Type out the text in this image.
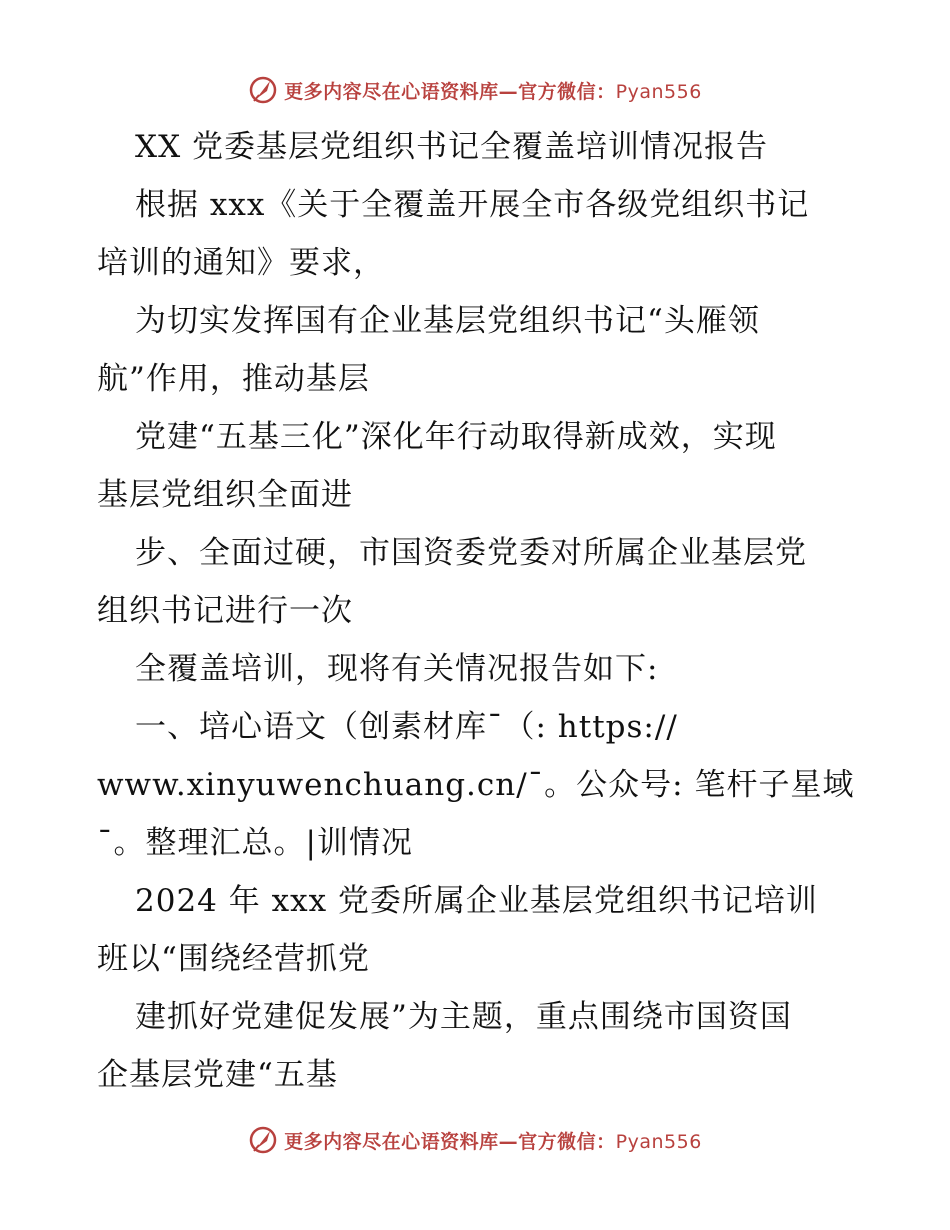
更多内容尽在心语资料库—官方微信：Pyan556
XX 党委基层党组织书记全覆盖培训情况报告
根据 xxx《关于全覆盖开展全市各级党组织书记
培训的通知》要求，
为切实发挥国有企业基层党组织书记“头雁领
航”作用，推动基层
党建“五基三化”深化年行动取得新成效，实现
基层党组织全面进
步、全面过硬，市国资委党委对所属企业基层党
组织书记进行一次
全覆盖培训，现将有关情况报告如下:
一、培心语文（创素材库¯（: https://
www.xinyuwenchuang.cn/¯。公众号: 笔杆子星域
¯。整理汇总。|训情况
2024 年 xxx 党委所属企业基层党组织书记培训
班以“围绕经营抓党
建抓好党建促发展”为主题，重点围绕市国资国
企基层党建“五基
更多内容尽在心语资料库—官方微信：Pyan556
